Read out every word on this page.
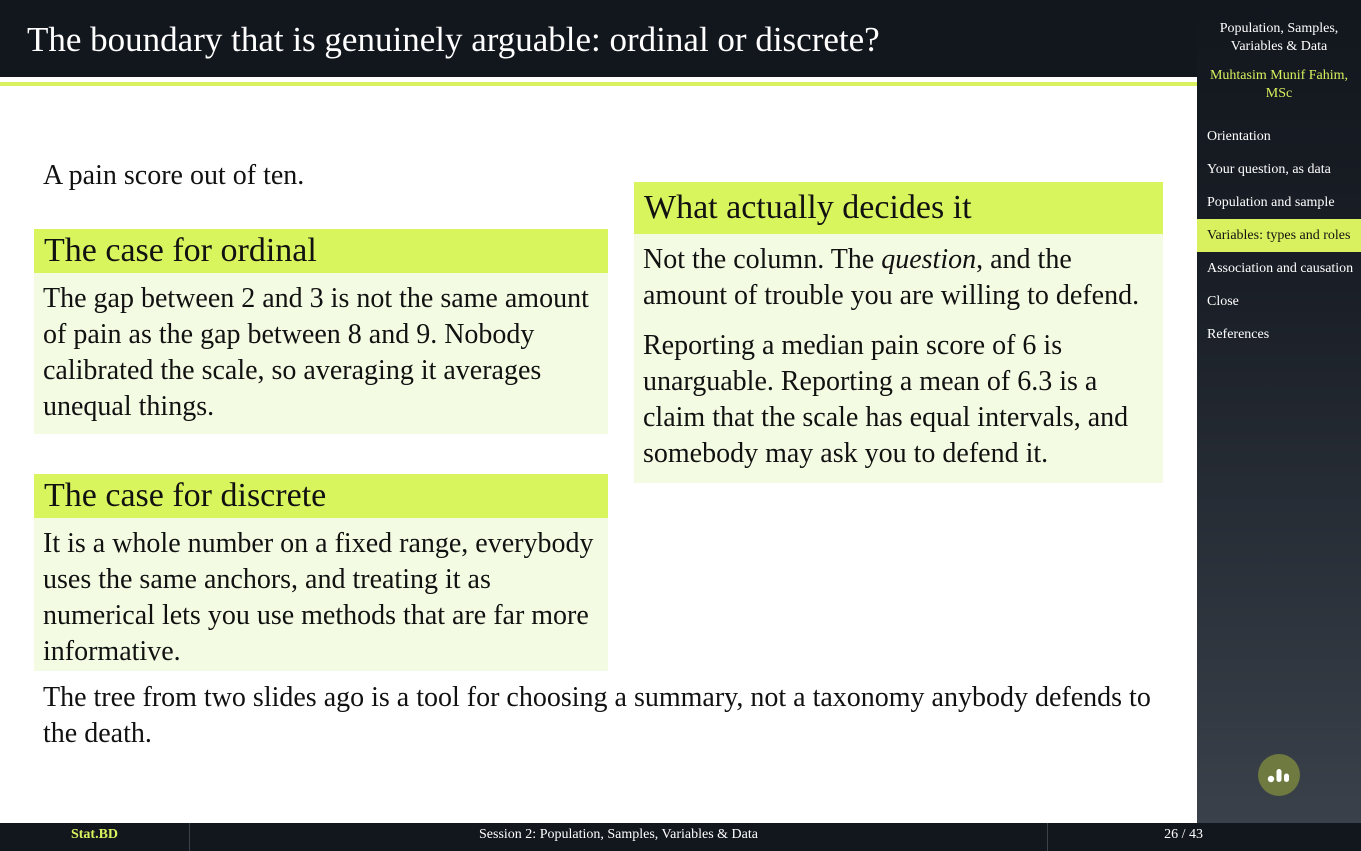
The boundary that is genuinely arguable: ordinal or discrete?
A pain score out of ten.
The case for ordinal
The gap between 2 and 3 is not the same amount of pain as the gap between 8 and 9. Nobody calibrated the scale, so averaging it averages unequal things.
The case for discrete
It is a whole number on a fixed range, everybody uses the same anchors, and treating it as numerical lets you use methods that are far more informative.
What actually decides it

Not the column. The question, and the amount of trouble you are willing to defend.

Reporting a median pain score of 6 is unarguable. Reporting a mean of 6.3 is a claim that the scale has equal intervals, and somebody may ask you to defend it.

The tree from two slides ago is a tool for choosing a summary, not a taxonomy anybody defends to the death.
Population, Samples, Variables & Data
Muhtasim Munif Fahim, MSc
Orientation
Your question, as data
Population and sample
Variables: types and roles
Association and causation
Close
References
Stat.BD	Session 2: Population, Samples, Variables & Data	26 / 43
